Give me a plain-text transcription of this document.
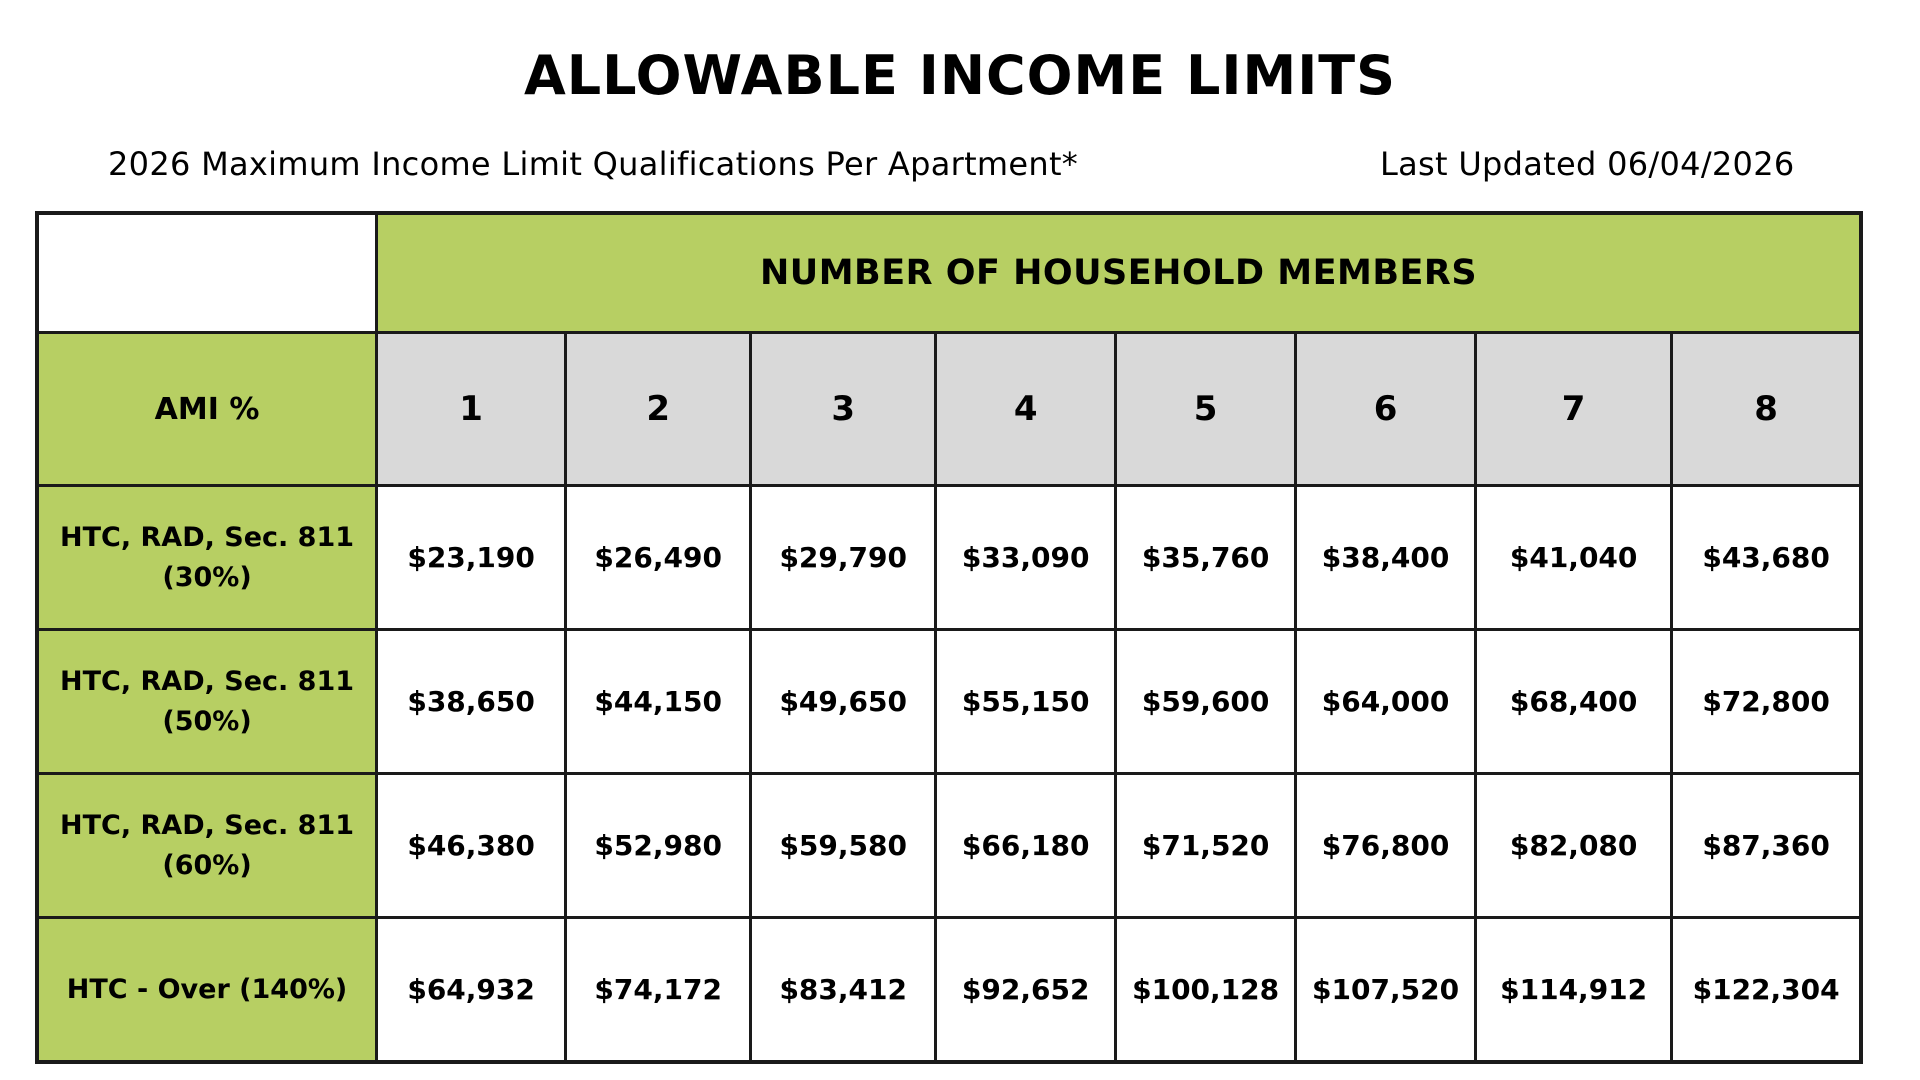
ALLOWABLE INCOME LIMITS
2026 Maximum Income Limit Qualifications Per Apartment*	Last Updated 06/04/2026
	NUMBER OF HOUSEHOLD MEMBERS							
AMI %	1	2	3	4	5	6	7	8
HTC, RAD, Sec. 811 (30%)	$23,190	$26,490	$29,790	$33,090	$35,760	$38,400	$41,040	$43,680
HTC, RAD, Sec. 811 (50%)	$38,650	$44,150	$49,650	$55,150	$59,600	$64,000	$68,400	$72,800
HTC, RAD, Sec. 811 (60%)	$46,380	$52,980	$59,580	$66,180	$71,520	$76,800	$82,080	$87,360
HTC - Over (140%)	$64,932	$74,172	$83,412	$92,652	$100,128	$107,520	$114,912	$122,304
